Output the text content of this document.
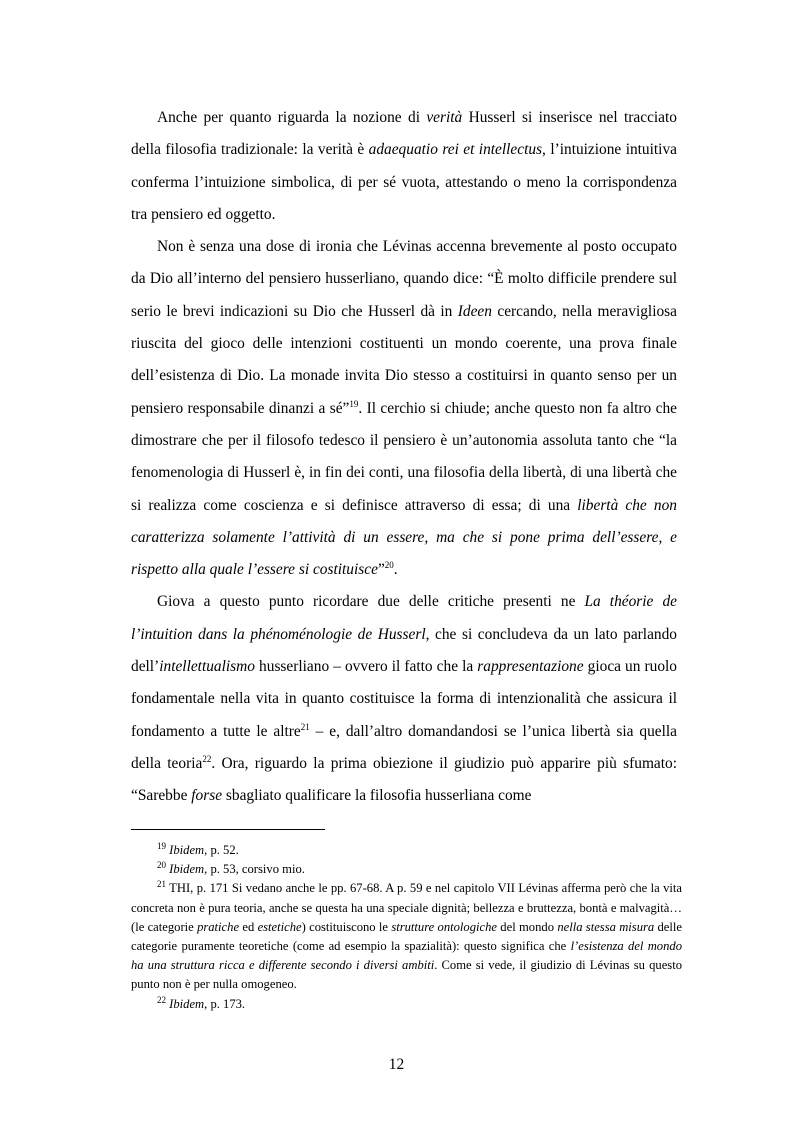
Anche per quanto riguarda la nozione di verità Husserl si inserisce nel tracciato della filosofia tradizionale: la verità è adaequatio rei et intellectus, l’intuizione intuitiva conferma l’intuizione simbolica, di per sé vuota, attestando o meno la corrispondenza tra pensiero ed oggetto.

Non è senza una dose di ironia che Lévinas accenna brevemente al posto occupato da Dio all’interno del pensiero husserliano, quando dice: “È molto difficile prendere sul serio le brevi indicazioni su Dio che Husserl dà in Ideen cercando, nella meravigliosa riuscita del gioco delle intenzioni costituenti un mondo coerente, una prova finale dell’esistenza di Dio. La monade invita Dio stesso a costituirsi in quanto senso per un pensiero responsabile dinanzi a sé”$^{19}$. Il cerchio si chiude; anche questo non fa altro che dimostrare che per il filosofo tedesco il pensiero è un’autonomia assoluta tanto che “la fenomenologia di Husserl è, in fin dei conti, una filosofia della libertà, di una libertà che si realizza come coscienza e si definisce attraverso di essa; di una libertà che non caratterizza solamente l’attività di un essere, ma che si pone prima dell’essere, e rispetto alla quale l’essere si costituisce”$^{20}$.

Giova a questo punto ricordare due delle critiche presenti ne La théorie de l’intuition dans la phénoménologie de Husserl, che si concludeva da un lato parlando dell’intellettualismo husserliano – ovvero il fatto che la rappresentazione gioca un ruolo fondamentale nella vita in quanto costituisce la forma di intenzionalità che assicura il fondamento a tutte le altre$^{21}$ – e, dall’altro domandandosi se l’unica libertà sia quella della teoria$^{22}$. Ora, riguardo la prima obiezione il giudizio può apparire più sfumato: “Sarebbe forse sbagliato qualificare la filosofia husserliana come

$^{19}$ Ibidem, p. 52.

$^{20}$ Ibidem, p. 53, corsivo mio.

$^{21}$ THI, p. 171 Si vedano anche le pp. 67-68. A p. 59 e nel capitolo VII Lévinas afferma però che la vita concreta non è pura teoria, anche se questa ha una speciale dignità; bellezza e bruttezza, bontà e malvagità… (le categorie pratiche ed estetiche) costituiscono le strutture ontologiche del mondo nella stessa misura delle categorie puramente teoretiche (come ad esempio la spazialità): questo significa che l’esistenza del mondo ha una struttura ricca e differente secondo i diversi ambiti. Come si vede, il giudizio di Lévinas su questo punto non è per nulla omogeneo.

$^{22}$ Ibidem, p. 173.

12
